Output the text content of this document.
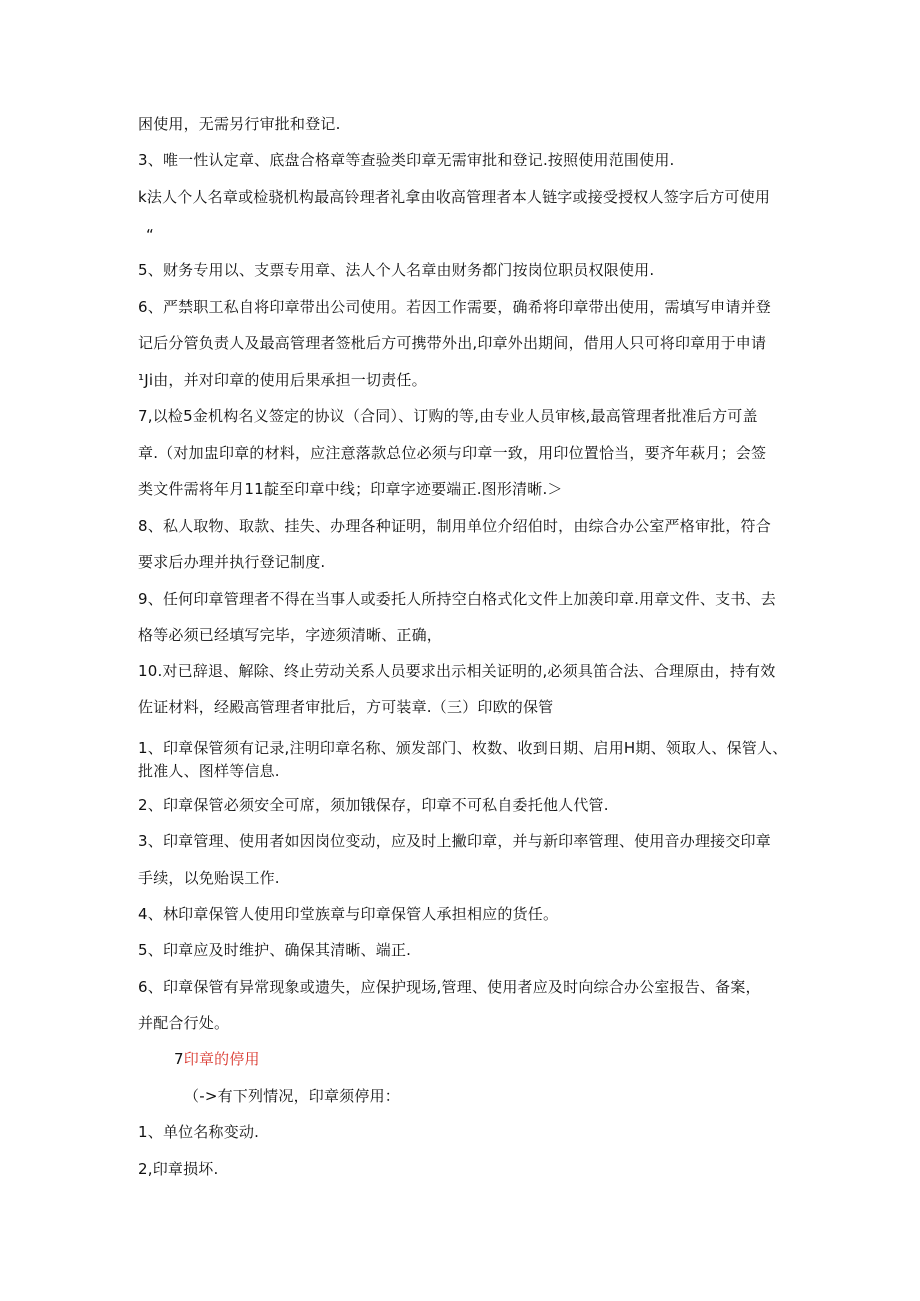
困使用，无需另行审批和登记.
3、唯一性认定章、底盘合格章等查验类印章无需审批和登记.按照使用范围使用.
k法人个人名章或检骁机构最高铃理者礼拿由收高管理者本人链字或接受授权人签字后方可使用
“
5、财务专用以、支票专用章、法人个人名章由财务都门按岗位职员权限使用.
6、严禁职工私自将印章带出公司使用。若因工作需要，确希将印章带出使用，需填写申请并登
记后分管负责人及最高管理者签枇后方可携带外出,印章外出期间，借用人只可将印章用于申请
¹Ji由，并对印章的使用后果承担一切责任。
7,以检5金机构名义签定的协议（合同）、订购的等,由专业人员审核,最高管理者批准后方可盖
章.（对加盅印章的材料，应注意落款总位必须与印章一致，用印位置恰当，要齐年萩月；会签
类文件需将年月11靛至印章中线；印章字迹要端正.图形清晰.＞
8、私人取物、取款、挂失、办理各种证明，制用单位介绍伯时，由综合办公室严格审批，符合
要求后办理并执行登记制度.
9、任何印章管理者不得在当事人或委托人所持空白格式化文件上加羡印章.用章文件、支书、去
格等必须已经填写完毕，字迹须清晰、正确，
10.对已辞退、解除、终止劳动关系人员要求出示相关证明的,必须具笛合法、合理原由，持有效
佐证材料，经殿高管理者审批后，方可装章.（三）印欧的保管
1、印章保管须有记录,注明印章名称、颁发部门、枚数、收到日期、启用H期、领取人、保管人、
批准人、图样等信息.
2、印章保管必须安全可席，须加锇保存，印章不可私自委托他人代管.
3、印章管理、使用者如因岗位变动，应及时上撇印章，并与新印率管理、使用音办理接交印章
手续，以免贻误工作.
4、林印章保管人使用印堂族章与印章保管人承担相应的货任。
5、印章应及时维护、确保其清晰、端正.
6、印章保管有异常现象或遗失，应保护现场,管理、使用者应及时向综合办公室报告、备案，
并配合行处。
7印章的停用
（->有下列情况，印章须停用：
1、单位名称变动.
2,印章损坏.
